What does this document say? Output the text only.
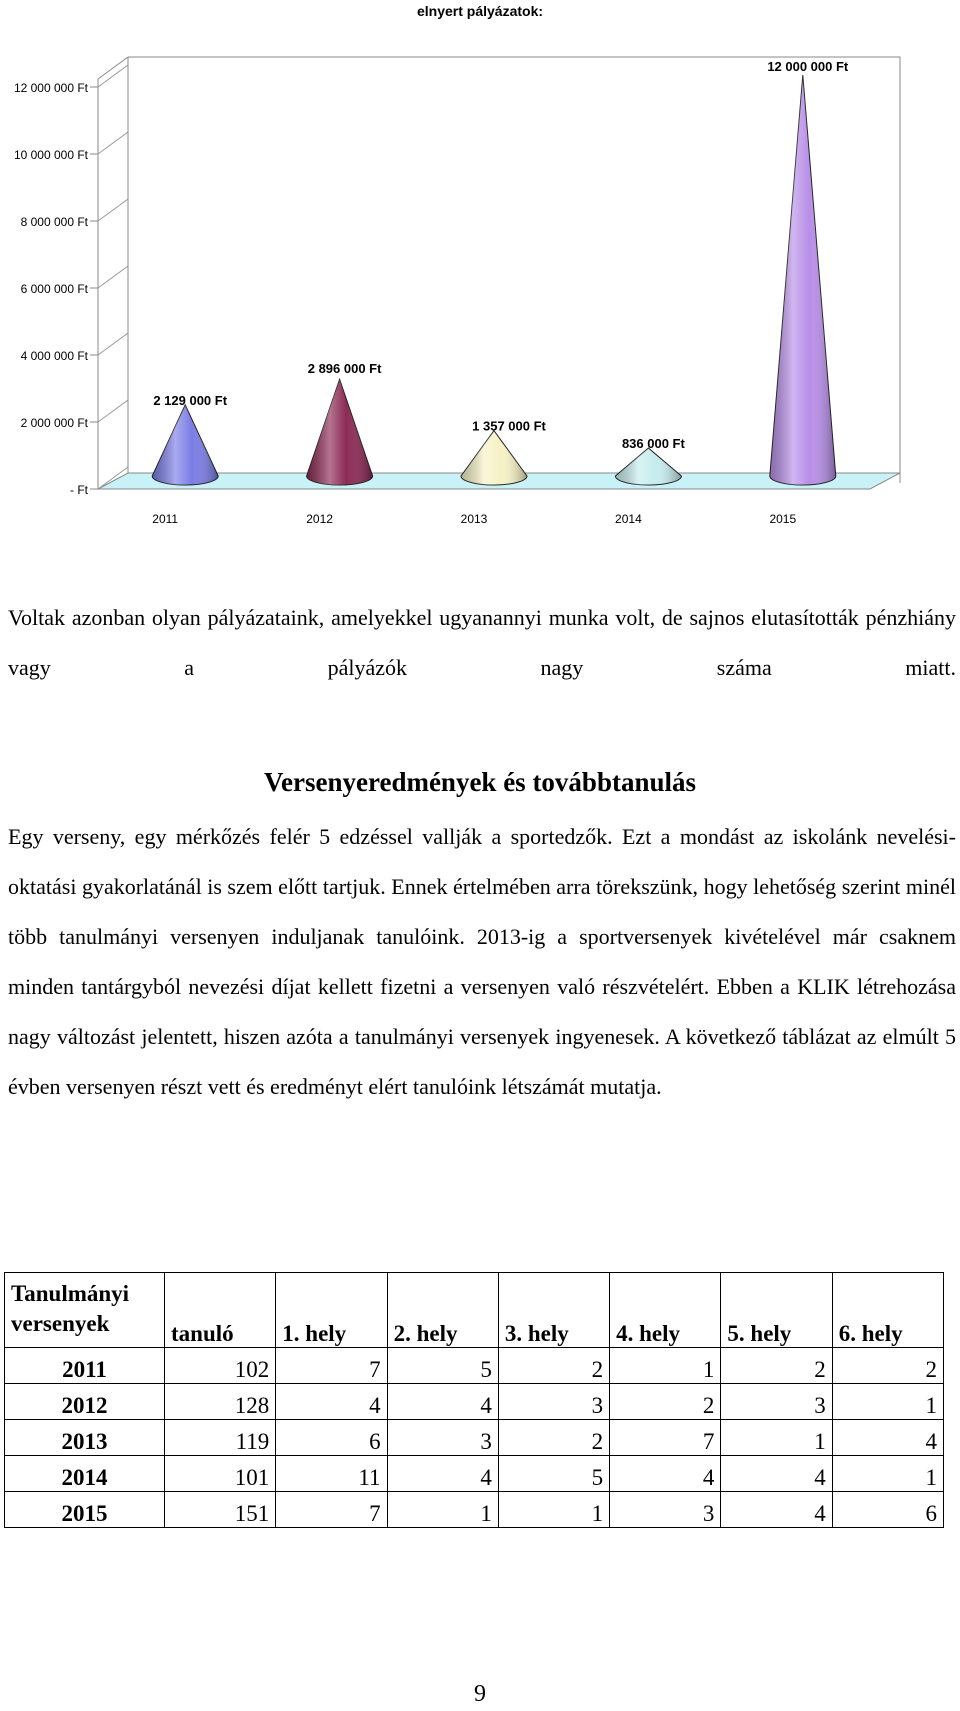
elnyert pályázatok:
- Ft
2 000 000 Ft
4 000 000 Ft
6 000 000 Ft
8 000 000 Ft
10 000 000 Ft
12 000 000 Ft
2 129 000 Ft
2 896 000 Ft
1 357 000 Ft
836 000 Ft
12 000 000 Ft
2011	2012	2013	2014	2015

Voltak azonban olyan pályázataink, amelyekkel ugyanannyi munka volt, de sajnos elutasították pénzhiány vagy a pályázók nagy száma miatt.

Versenyeredmények és továbbtanulás

Egy verseny, egy mérkőzés felér 5 edzéssel vallják a sportedzők. Ezt a mondást az iskolánk nevelési-oktatási gyakorlatánál is szem előtt tartjuk. Ennek értelmében arra törekszünk, hogy lehetőség szerint minél több tanulmányi versenyen induljanak tanulóink. 2013-ig a sportversenyek kivételével már csaknem minden tantárgyból nevezési díjat kellett fizetni a versenyen való részvételért. Ebben a KLIK létrehozása nagy változást jelentett, hiszen azóta a tanulmányi versenyek ingyenesek. A következő táblázat az elmúlt 5 évben versenyen részt vett és eredményt elért tanulóink létszámát mutatja.

Tanulmányi versenyek	tanuló	1. hely	2. hely	3. hely	4. hely	5. hely	6. hely
2011	102	7	5	2	1	2	2
2012	128	4	4	3	2	3	1
2013	119	6	3	2	7	1	4
2014	101	11	4	5	4	4	1
2015	151	7	1	1	3	4	6
9
